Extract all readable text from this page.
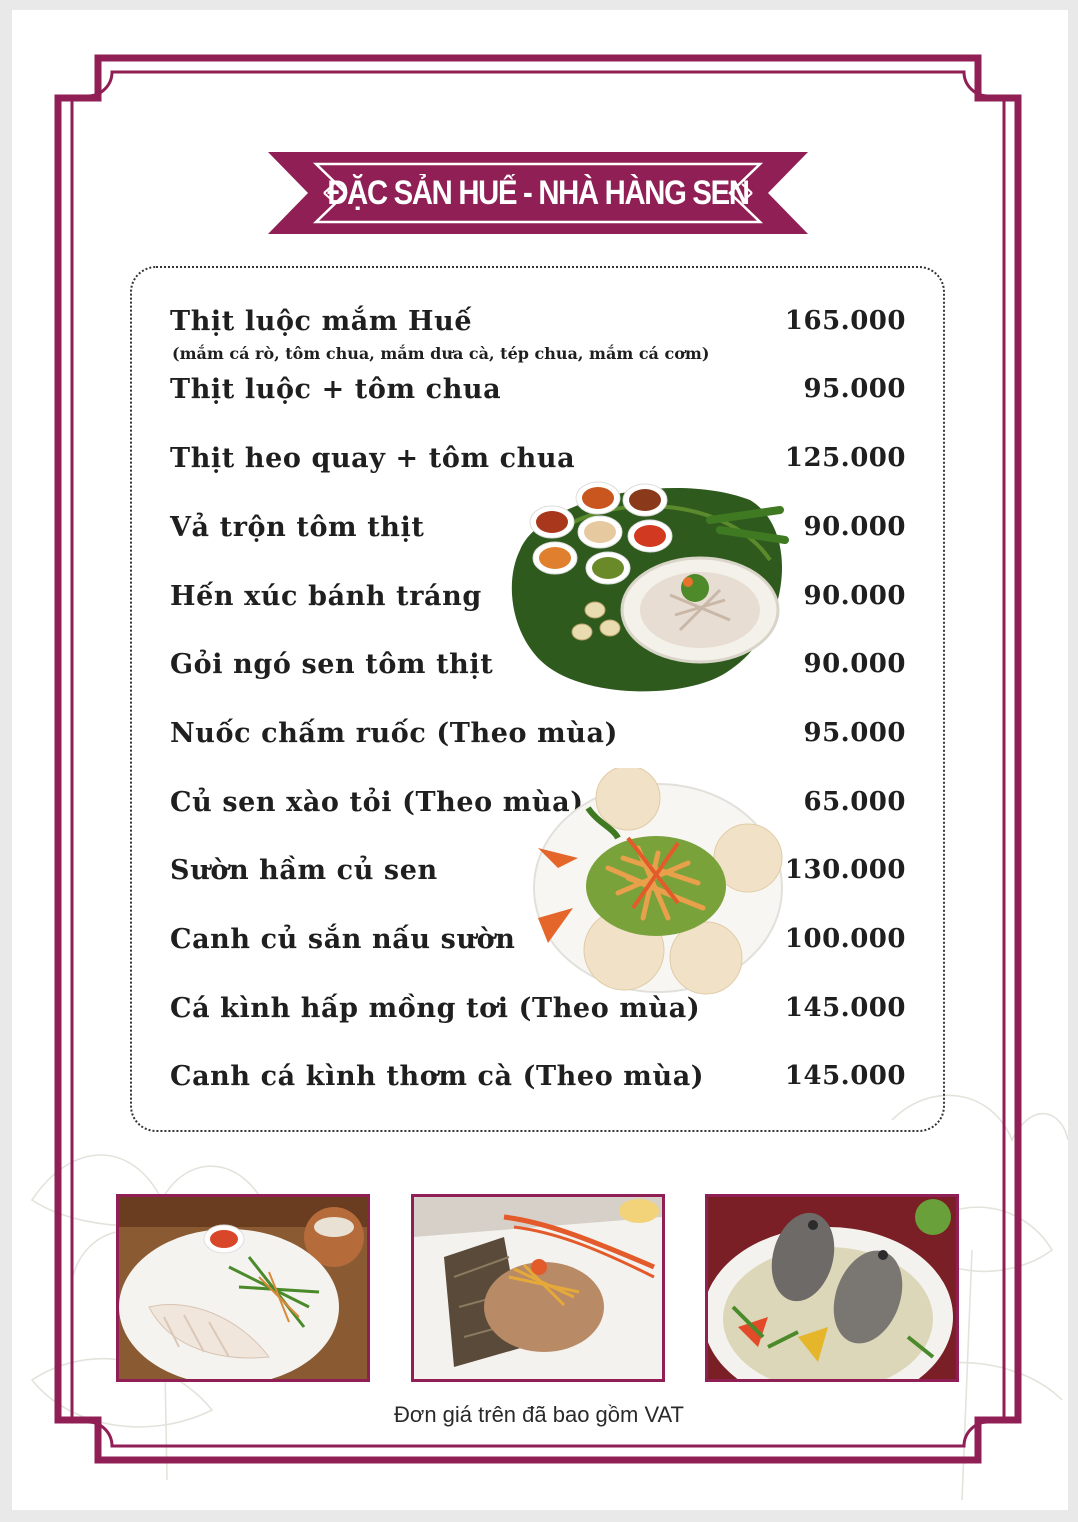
ĐẶC SẢN HUẾ - NHÀ HÀNG SEN
Thịt luộc mắm Huế	165.000
(mắm cá rò, tôm chua, mắm dưa cà, tép chua, mắm cá cơm)
Thịt luộc + tôm chua	95.000
Thịt heo quay + tôm chua	125.000
Vả trộn tôm thịt	90.000
Hến xúc bánh tráng	90.000
Gỏi ngó sen tôm thịt	90.000
Nuốc chấm ruốc (Theo mùa)	95.000
Củ sen xào tỏi (Theo mùa)	65.000
Sườn hầm củ sen	130.000
Canh củ sắn nấu sườn	100.000
Cá kình hấp mồng tơi (Theo mùa)	145.000
Canh cá kình thơm cà (Theo mùa)	145.000
Đơn giá trên đã bao gồm VAT
